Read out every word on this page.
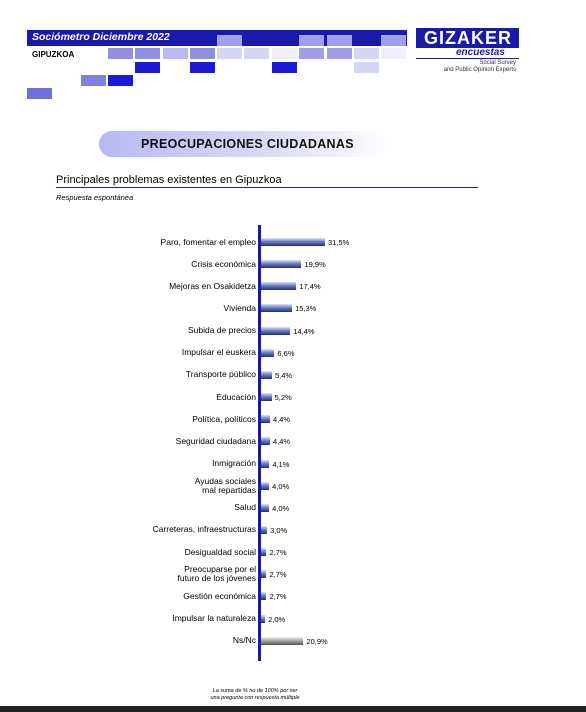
Sociómetro Diciembre 2022
GIPUZKOA
GIZAKER
encuestas
Social Survey
and Public Opinion Experts
PREOCUPACIONES CIUDADANAS
Principales problemas existentes en Gipuzkoa
Respuesta espontánea
Paro, fomentar el empleo	31,5%
Crisis económica	19,9%
Mejoras en Osakidetza	17,4%
Vivienda	15,3%
Subida de precios	14,4%
Impulsar el euskera	6,6%
Transporte público	5,4%
Educación 5,2%
Política, políticos 4,4%
Seguridad ciudadana 4,4%
Inmigración 4,1%
Ayudas sociales
mal repartidas 4,0%
Salud 4,0%
Carreteras, infraestructuras 3,0%
Desigualdad social 2,7%
Preocuparse por el
futuro de los jóvenes 2,7%
Gestión económica 2,7%
Impulsar la naturaleza 2,0%
Ns/Nc	20,9%
La suma de % no de 100% por ser
una pregunta con respuesta múltiple
